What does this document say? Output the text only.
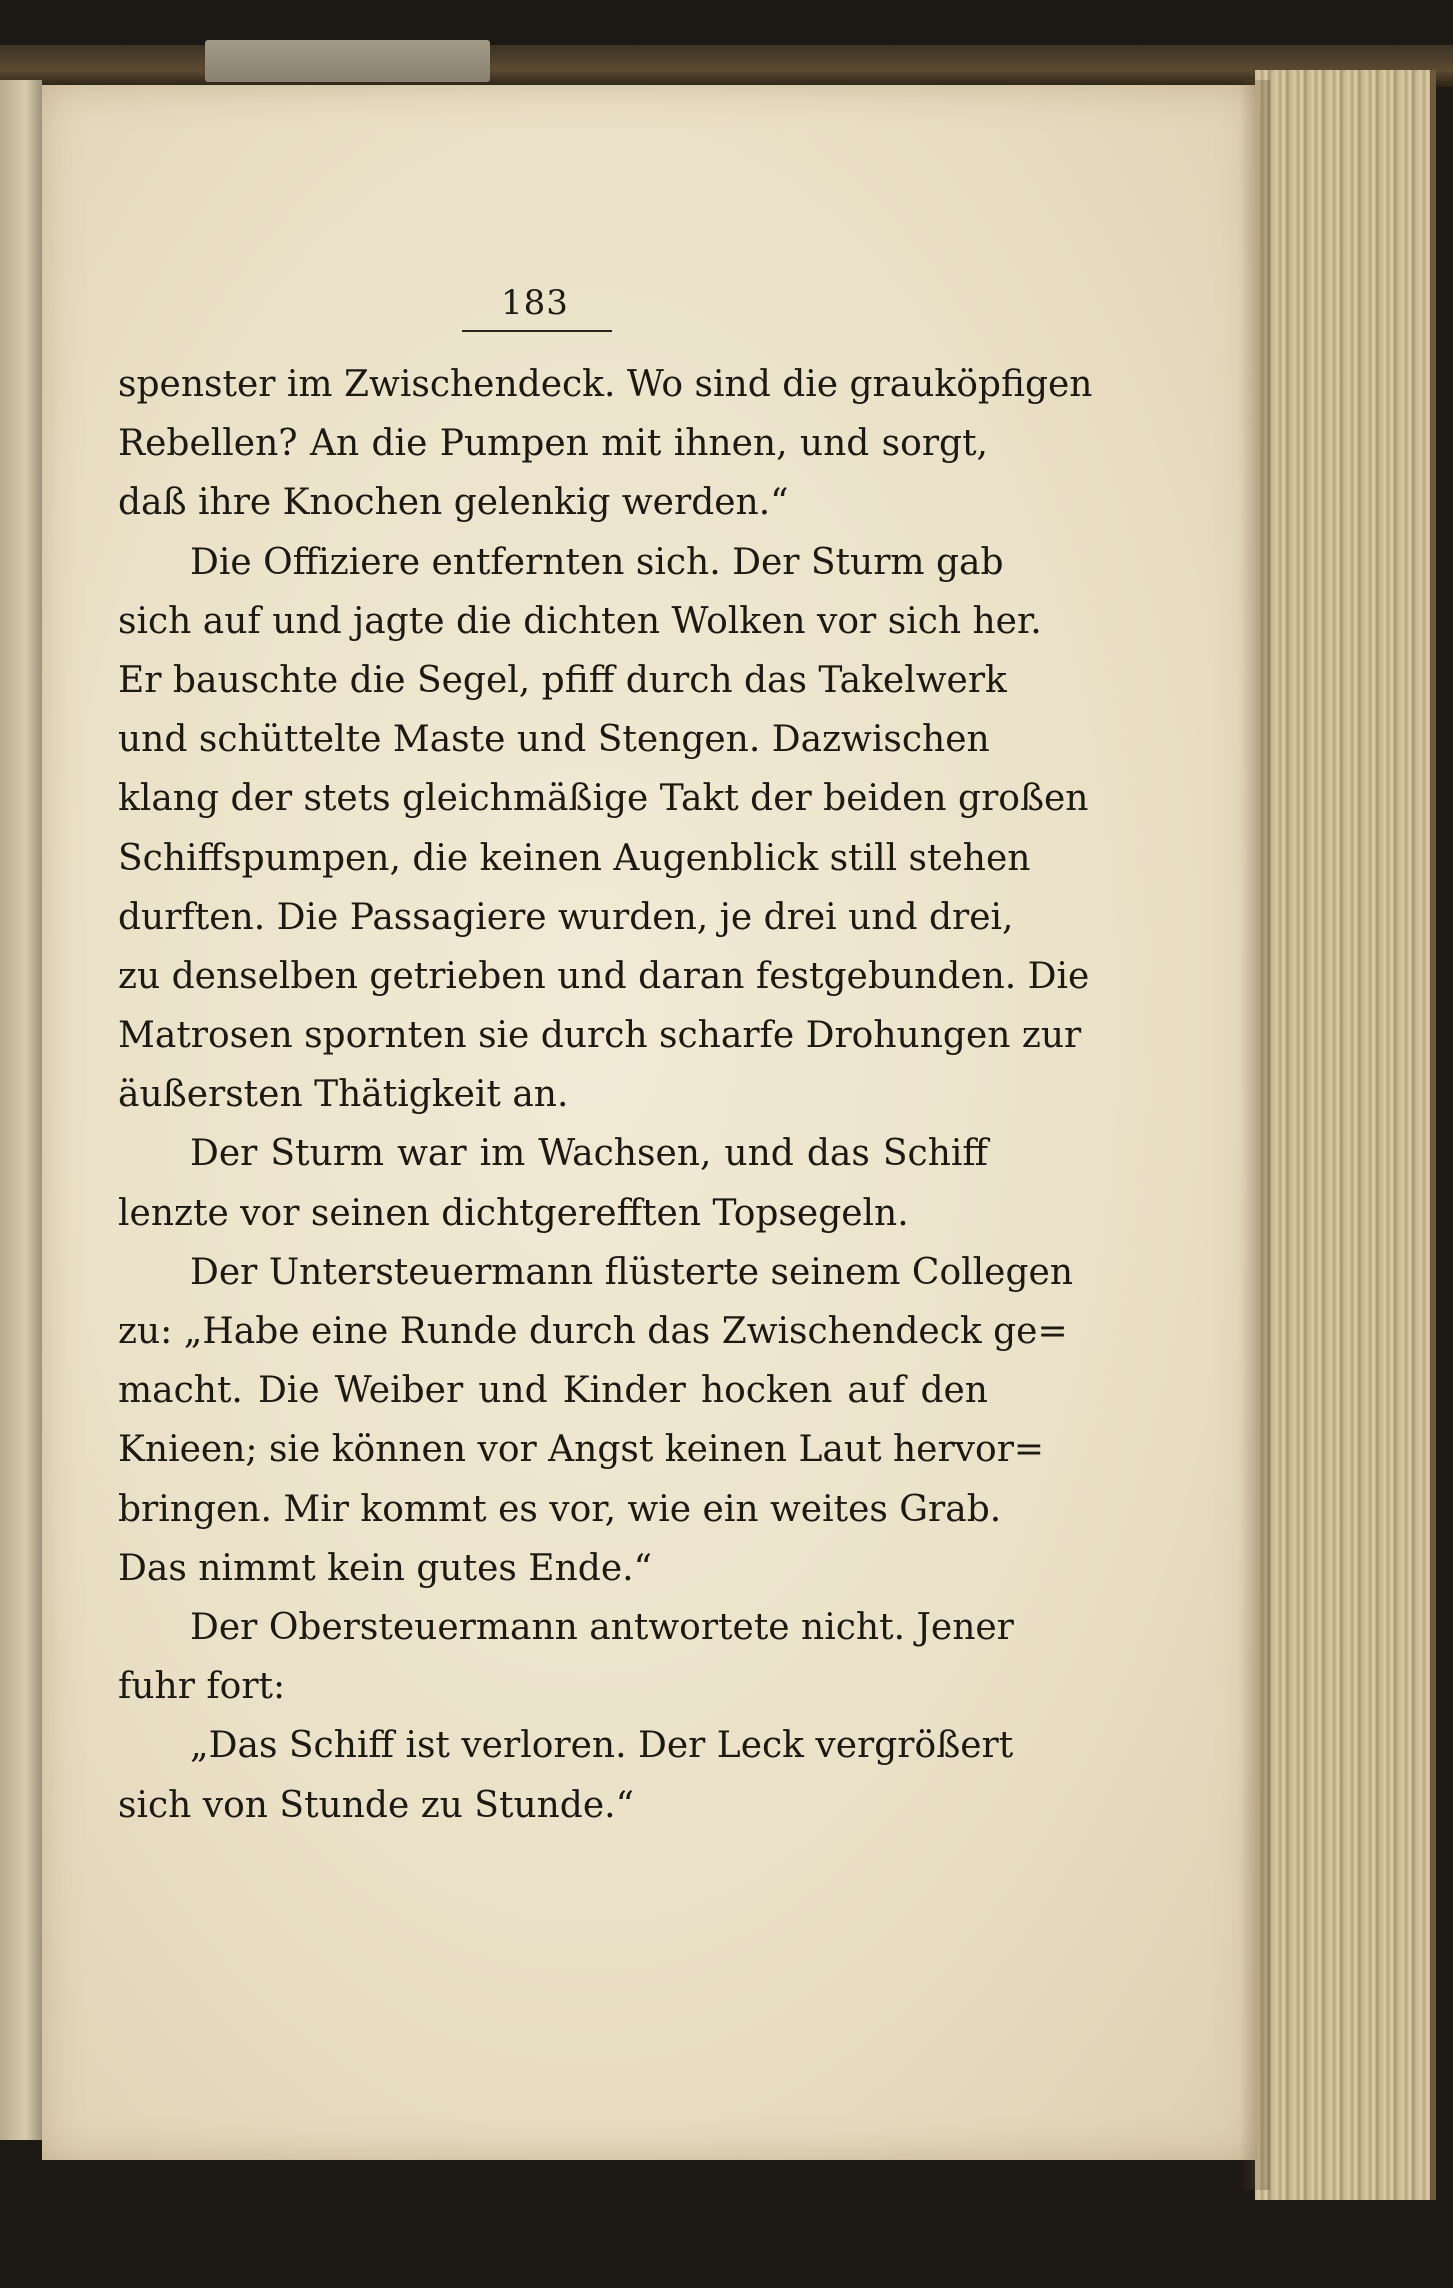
183
spenster im Zwischendeck. Wo sind die grauköpfigen
Rebellen? An die Pumpen mit ihnen, und sorgt,
daß ihre Knochen gelenkig werden.“
Die Offiziere entfernten sich. Der Sturm gab
sich auf und jagte die dichten Wolken vor sich her.
Er bauschte die Segel, pfiff durch das Takelwerk
und schüttelte Maste und Stengen. Dazwischen
klang der stets gleichmäßige Takt der beiden großen
Schiffspumpen, die keinen Augenblick still stehen
durften. Die Passagiere wurden, je drei und drei,
zu denselben getrieben und daran festgebunden. Die
Matrosen spornten sie durch scharfe Drohungen zur
äußersten Thätigkeit an.
Der Sturm war im Wachsen, und das Schiff
lenzte vor seinen dichtgerefften Topsegeln.
Der Untersteuermann flüsterte seinem Collegen
zu: „Habe eine Runde durch das Zwischendeck ge=
macht. Die Weiber und Kinder hocken auf den
Knieen; sie können vor Angst keinen Laut hervor=
bringen. Mir kommt es vor, wie ein weites Grab.
Das nimmt kein gutes Ende.“
Der Obersteuermann antwortete nicht. Jener
fuhr fort:
„Das Schiff ist verloren. Der Leck vergrößert
sich von Stunde zu Stunde.“
